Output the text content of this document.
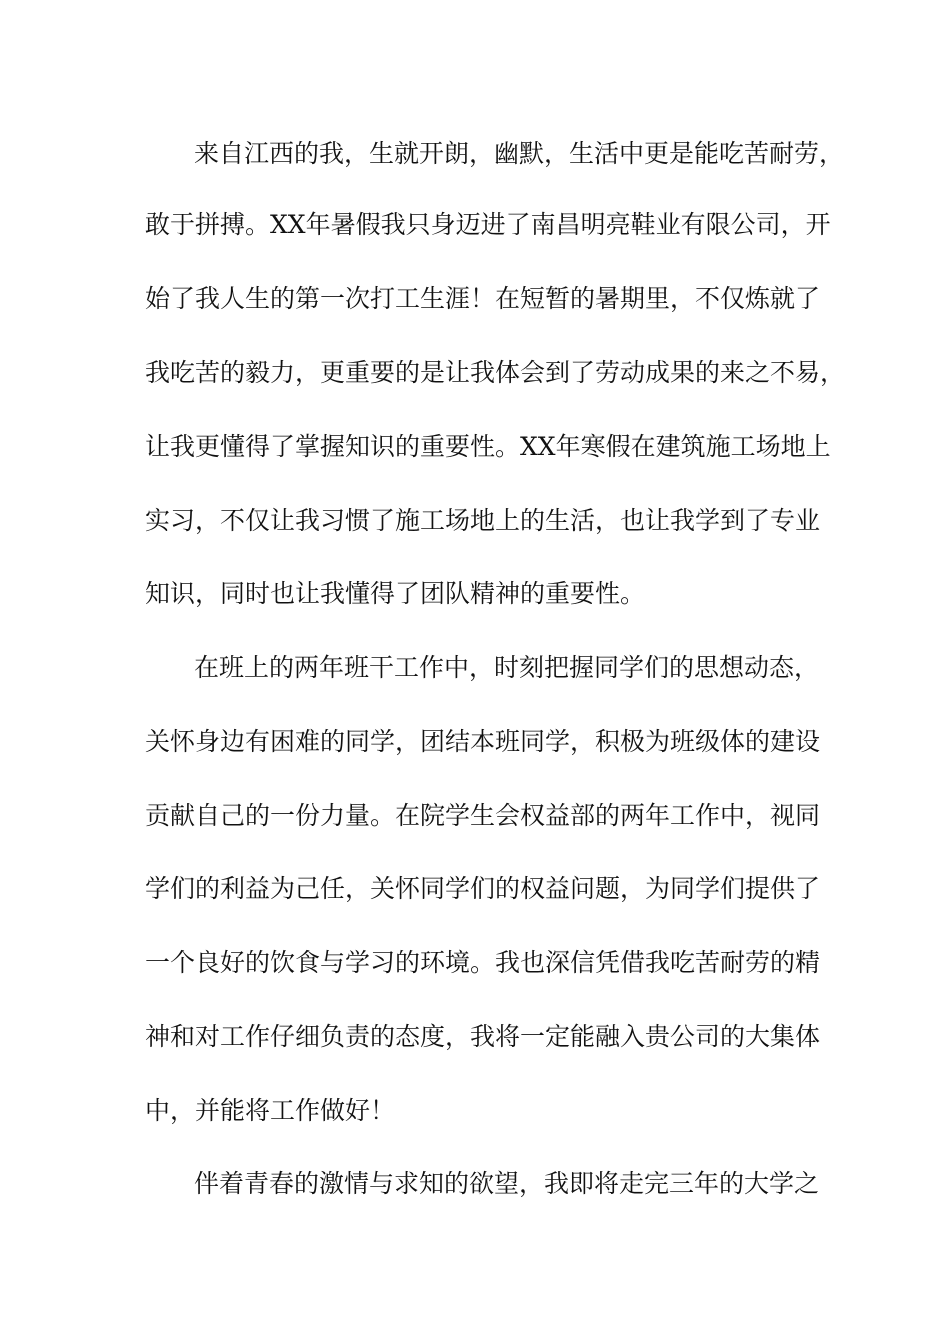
来自江西的我，生就开朗，幽默，生活中更是能吃苦耐劳，

敢于拼搏。XX年暑假我只身迈进了南昌明亮鞋业有限公司，开

始了我人生的第一次打工生涯！在短暂的暑期里，不仅炼就了

我吃苦的毅力，更重要的是让我体会到了劳动成果的来之不易，

让我更懂得了掌握知识的重要性。XX年寒假在建筑施工场地上

实习，不仅让我习惯了施工场地上的生活，也让我学到了专业

知识，同时也让我懂得了团队精神的重要性。

在班上的两年班干工作中，时刻把握同学们的思想动态，

关怀身边有困难的同学，团结本班同学，积极为班级体的建设

贡献自己的一份力量。在院学生会权益部的两年工作中，视同

学们的利益为己任，关怀同学们的权益问题，为同学们提供了

一个良好的饮食与学习的环境。我也深信凭借我吃苦耐劳的精

神和对工作仔细负责的态度，我将一定能融入贵公司的大集体

中，并能将工作做好！

伴着青春的激情与求知的欲望，我即将走完三年的大学之
